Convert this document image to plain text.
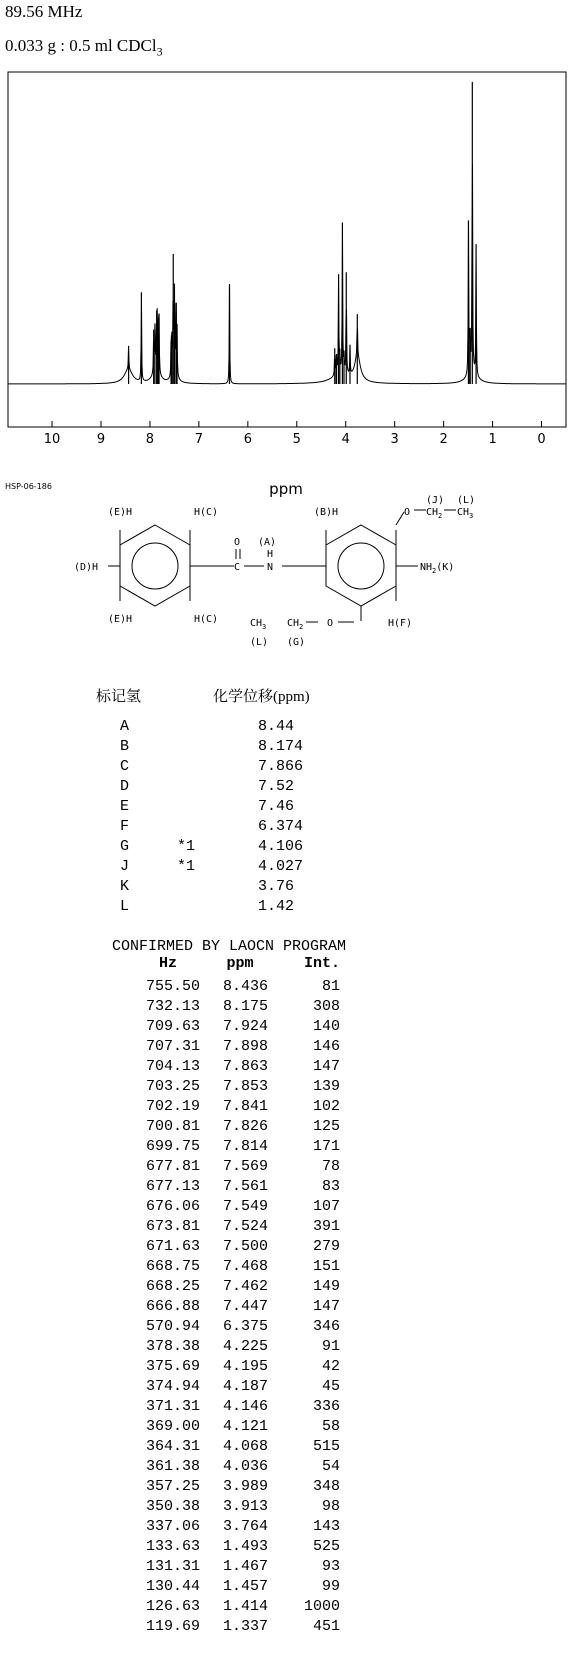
89.56 MHz
0.033 g : 0.5 ml CDCl$_3$
10	9	8	7	6	5	4	3	2	1	0
ppm
HSP-06-186
(E)H	H(C)
(D)H
(E)H	H(C)
O
C
(A)
H
N
(B)H	O $CH_2$ $CH_3$
(J) (L)
$NH_2(K)$
H(F)
$CH_3$ $CH_2$ O
(L) (G)
标记氢	化学位移(ppm)
A	8.44
B	8.174
C	7.866
D	7.52
E	7.46
F	6.374
G	*1	4.106
J	*1	4.027
K	3.76
L	1.42
CONFIRMED BY LAOCN PROGRAM
Hz	ppm	Int.
755.50 8.436	81
732.13 8.175	308
709.63 7.924	140
707.31 7.898	146
704.13 7.863	147
703.25 7.853	139
702.19 7.841	102
700.81 7.826	125
699.75 7.814	171
677.81 7.569	78
677.13 7.561	83
676.06 7.549	107
673.81 7.524	391
671.63 7.500	279
668.75 7.468	151
668.25 7.462	149
666.88 7.447	147
570.94 6.375	346
378.38 4.225	91
375.69 4.195	42
374.94 4.187	45
371.31 4.146	336
369.00 4.121	58
364.31 4.068	515
361.38 4.036	54
357.25 3.989	348
350.38 3.913	98
337.06 3.764	143
133.63 1.493	525
131.31 1.467	93
130.44 1.457	99
126.63 1.414 1000
119.69 1.337	451
